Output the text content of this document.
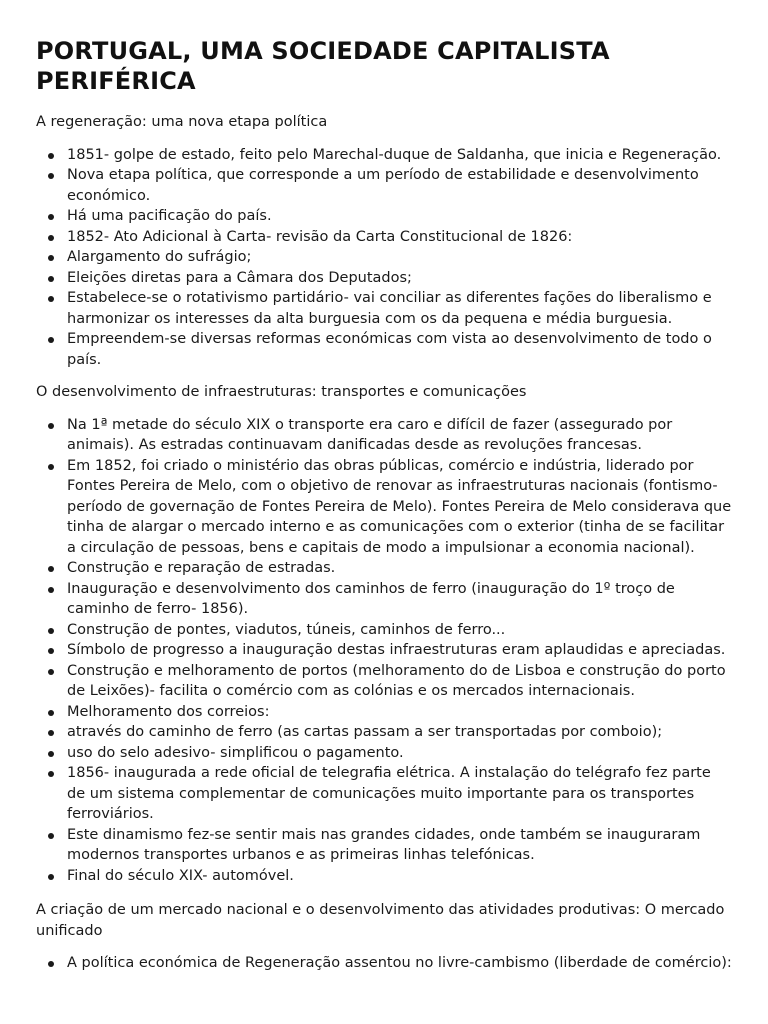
PORTUGAL, UMA SOCIEDADE CAPITALISTA PERIFÉRICA

A regeneração: uma nova etapa política

1851- golpe de estado, feito pelo Marechal-duque de Saldanha, que inicia e Regeneração.
Nova etapa política, que corresponde a um período de estabilidade e desenvolvimento económico.
Há uma pacificação do país.
1852- Ato Adicional à Carta- revisão da Carta Constitucional de 1826:
Alargamento do sufrágio;
Eleições diretas para a Câmara dos Deputados;
Estabelece-se o rotativismo partidário- vai conciliar as diferentes fações do liberalismo e harmonizar os interesses da alta burguesia com os da pequena e média burguesia.
Empreendem-se diversas reformas económicas com vista ao desenvolvimento de todo o país.

O desenvolvimento de infraestruturas: transportes e comunicações

Na 1ª metade do século XIX o transporte era caro e difícil de fazer (assegurado por animais). As estradas continuavam danificadas desde as revoluções francesas.
Em 1852, foi criado o ministério das obras públicas, comércio e indústria, liderado por Fontes Pereira de Melo, com o objetivo de renovar as infraestruturas nacionais (fontismo- período de governação de Fontes Pereira de Melo). Fontes Pereira de Melo considerava que tinha de alargar o mercado interno e as comunicações com o exterior (tinha de se facilitar a circulação de pessoas, bens e capitais de modo a impulsionar a economia nacional).
Construção e reparação de estradas.
Inauguração e desenvolvimento dos caminhos de ferro (inauguração do 1º troço de caminho de ferro- 1856).
Construção de pontes, viadutos, túneis, caminhos de ferro...
Símbolo de progresso a inauguração destas infraestruturas eram aplaudidas e apreciadas.
Construção e melhoramento de portos (melhoramento do de Lisboa e construção do porto de Leixões)- facilita o comércio com as colónias e os mercados internacionais.
Melhoramento dos correios:
através do caminho de ferro (as cartas passam a ser transportadas por comboio);
uso do selo adesivo- simplificou o pagamento.
1856- inaugurada a rede oficial de telegrafia elétrica. A instalação do telégrafo fez parte de um sistema complementar de comunicações muito importante para os transportes ferroviários.
Este dinamismo fez-se sentir mais nas grandes cidades, onde também se inauguraram modernos transportes urbanos e as primeiras linhas telefónicas.
Final do século XIX- automóvel.

A criação de um mercado nacional e o desenvolvimento das atividades produtivas: O mercado unificado

A política económica de Regeneração assentou no livre-cambismo (liberdade de comércio):
